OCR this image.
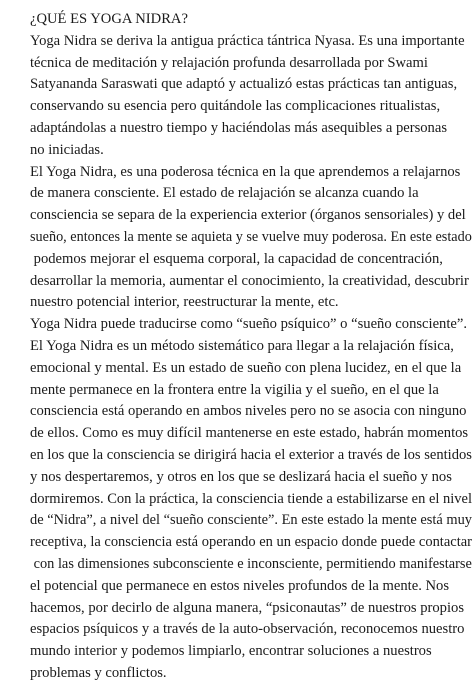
¿QUÉ ES YOGA NIDRA?
Yoga Nidra se deriva la antigua práctica tántrica Nyasa. Es una importante
técnica de meditación y relajación profunda desarrollada por Swami
Satyananda Saraswati que adaptó y actualizó estas prácticas tan antiguas,
conservando su esencia pero quitándole las complicaciones ritualistas,
adaptándolas a nuestro tiempo y haciéndolas más asequibles a personas
no iniciadas.
El Yoga Nidra, es una poderosa técnica en la que aprendemos a relajarnos
de manera consciente. El estado de relajación se alcanza cuando la
consciencia se separa de la experiencia exterior (órganos sensoriales) y del
sueño, entonces la mente se aquieta y se vuelve muy poderosa. En este estado
podemos mejorar el esquema corporal, la capacidad de concentración,
desarrollar la memoria, aumentar el conocimiento, la creatividad, descubrir
nuestro potencial interior, reestructurar la mente, etc.
Yoga Nidra puede traducirse como “sueño psíquico” o “sueño consciente”.
El Yoga Nidra es un método sistemático para llegar a la relajación física,
emocional y mental. Es un estado de sueño con plena lucidez, en el que la
mente permanece en la frontera entre la vigilia y el sueño, en el que la
consciencia está operando en ambos niveles pero no se asocia con ninguno
de ellos. Como es muy difícil mantenerse en este estado, habrán momentos
en los que la consciencia se dirigirá hacia el exterior a través de los sentidos
y nos despertaremos, y otros en los que se deslizará hacia el sueño y nos
dormiremos. Con la práctica, la consciencia tiende a estabilizarse en el nivel
de “Nidra”, a nivel del “sueño consciente”. En este estado la mente está muy
receptiva, la consciencia está operando en un espacio donde puede contactar
con las dimensiones subconsciente e inconsciente, permitiendo manifestarse
el potencial que permanece en estos niveles profundos de la mente. Nos
hacemos, por decirlo de alguna manera, “psiconautas” de nuestros propios
espacios psíquicos y a través de la auto-observación, reconocemos nuestro
mundo interior y podemos limpiarlo, encontrar soluciones a nuestros
problemas y conflictos.
